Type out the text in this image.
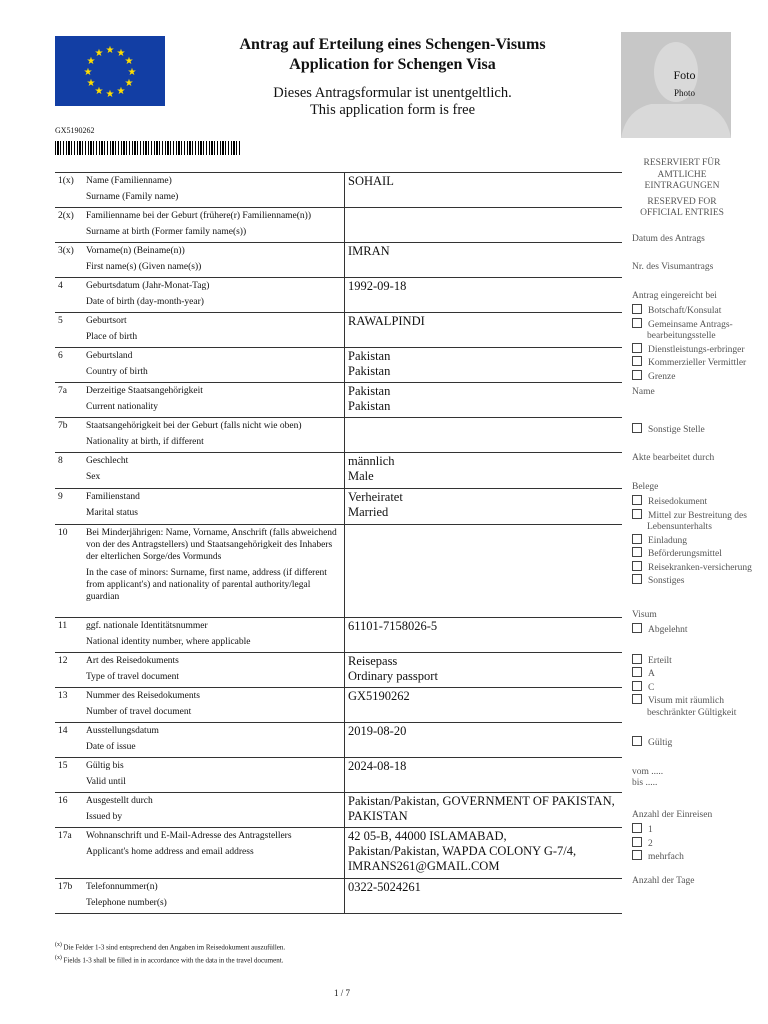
★ ★
★
★
★
★
★
★
★
★
★
★
Antrag auf Erteilung eines Schengen-Visums
Application for Schengen Visa
Dieses Antragsformular ist unentgeltlich.
This application form is free
GX5190262
Foto
Photo
1(x)	Name (Familienname)
Surname (Family name)
SOHAIL
2(x)	Familienname bei der Geburt (frühere(r) Familienname(n))
Surname at birth (Former family name(s))
3(x)	Vorname(n) (Beiname(n))
First name(s) (Given name(s))
IMRAN
4	Geburtsdatum (Jahr-Monat-Tag)
Date of birth (day-month-year)
1992-09-18
5	Geburtsort
Place of birth
RAWALPINDI
6	Geburtsland
Country of birth
Pakistan
Pakistan
7a	Derzeitige Staatsangehörigkeit
Current nationality
Pakistan
Pakistan
7b	Staatsangehörigkeit bei der Geburt (falls nicht wie oben)
Nationality at birth, if different
8	Geschlecht
Sex
männlich
Male
9	Familienstand
Marital status
Verheiratet
Married
10	Bei Minderjährigen: Name, Vorname, Anschrift (falls abweichend von der des Antragstellers) und Staatsangehörigkeit des Inhabers der elterlichen Sorge/des Vormunds
In the case of minors: Surname, first name, address (if different from applicant's) and nationality of parental authority/legal guardian
11	ggf. nationale Identitätsnummer
National identity number, where applicable
61101-7158026-5
12	Art des Reisedokuments
Type of travel document
Reisepass
Ordinary passport
13	Nummer des Reisedokuments
Number of travel document
GX5190262
14	Ausstellungsdatum
Date of issue
2019-08-20
15	Gültig bis
Valid until
2024-08-18
16	Ausgestellt durch
Issued by
Pakistan/Pakistan, GOVERNMENT OF PAKISTAN, PAKISTAN
17a	Wohnanschrift und E-Mail-Adresse des Antragstellers
Applicant's home address and email address
42 05-B, 44000 ISLAMABAD,
Pakistan/Pakistan, WAPDA COLONY G-7/4,
IMRANS261@GMAIL.COM
17b	Telefonnummer(n)
Telephone number(s)
0322-5024261
RESERVIERT FÜR AMTLICHE EINTRAGUNGEN
RESERVED FOR OFFICIAL ENTRIES
Datum des Antrags
Nr. des Visumantrags
Antrag eingereicht bei
Botschaft/Konsulat
Gemeinsame Antrags-bearbeitungsstelle
Dienstleistungs-erbringer
Kommerzieller Vermittler
Grenze
Name
Sonstige Stelle
Akte bearbeitet durch
Belege
Reisedokument
Mittel zur Bestreitung des Lebensunterhalts
Einladung
Beförderungsmittel
Reisekranken-versicherung
Sonstiges
Visum
Abgelehnt
Erteilt
A
C
Visum mit räumlich beschränkter Gültigkeit
Gültig
vom .....
bis .....
Anzahl der Einreisen
1
2
mehrfach
Anzahl der Tage
$^{(x)}$ Die Felder 1-3 sind entsprechend den Angaben im Reisedokument auszufüllen.
$^{(x)}$ Fields 1-3 shall be filled in in accordance with the data in the travel document.
1 / 7
